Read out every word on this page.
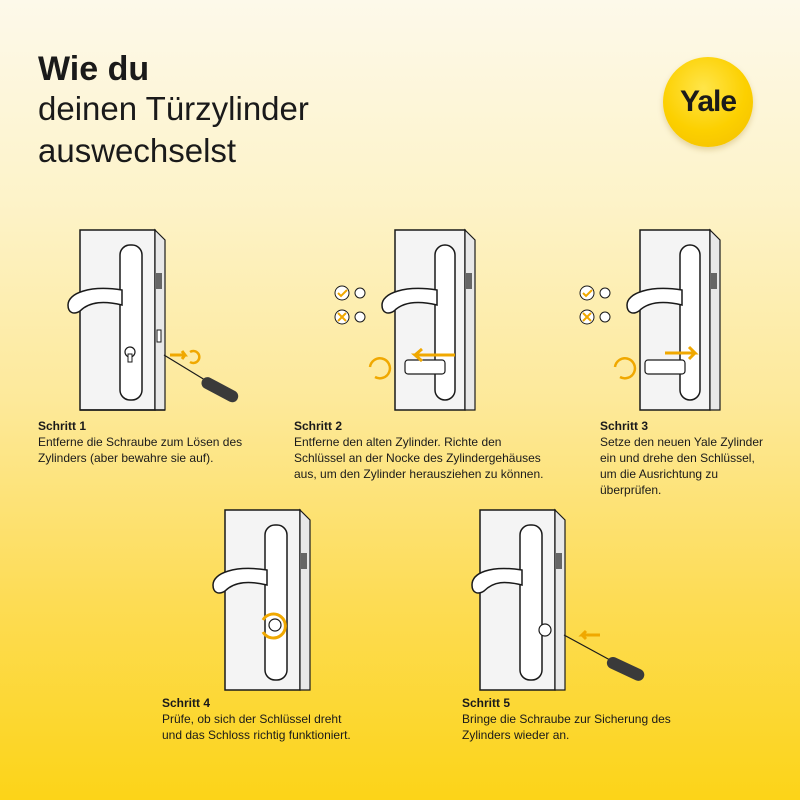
Wie du
deinen Türzylinder
auswechselst
Yale
Schritt 1
Entferne die Schraube zum Lösen des
Zylinders (aber bewahre sie auf).
Schritt 2
Entferne den alten Zylinder. Richte den
Schlüssel an der Nocke des Zylindergehäuses
aus, um den Zylinder herausziehen zu können.
Schritt 3
Setze den neuen Yale Zylinder
ein und drehe den Schlüssel,
um die Ausrichtung zu
überprüfen.
Schritt 4
Prüfe, ob sich der Schlüssel dreht
und das Schloss richtig funktioniert.
Schritt 5
Bringe die Schraube zur Sicherung des
Zylinders wieder an.
